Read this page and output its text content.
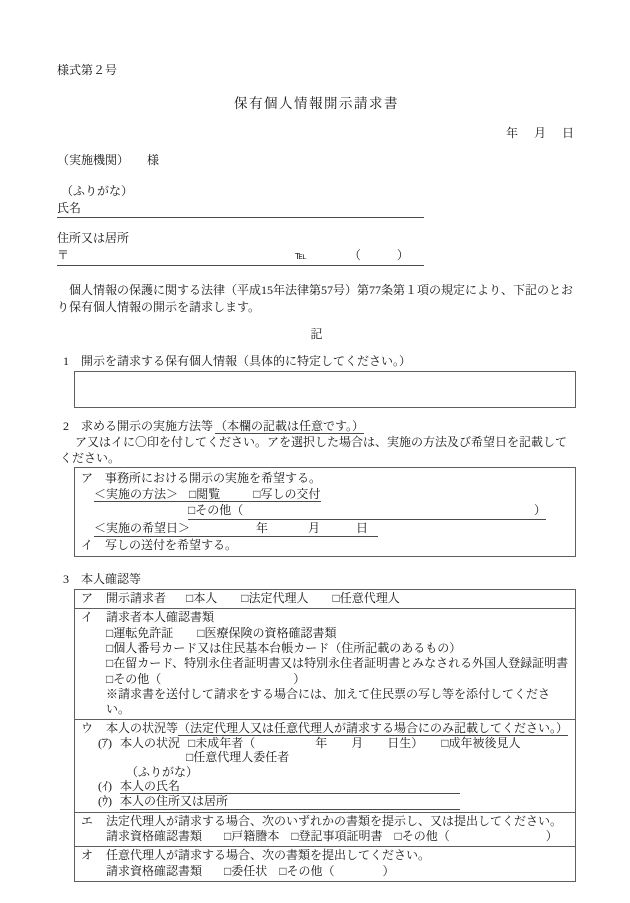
様式第２号
保有個人情報開示請求書
年　月　日
（実施機関）　　様
（ふりがな）
氏名
住所又は居所
〒	℡	（　　　）

個人情報の保護に関する法律（平成15年法律第57号）第77条第１項の規定により、下記のとおり保有個人情報の開示を請求します。

記
1　開示を請求する保有個人情報（具体的に特定してください。）
2　求める開示の実施方法等 （本欄の記載は任意です。）
ア又はイに〇印を付してください。アを選択した場合は、実施の方法及び希望日を記載して
ください。
ア　事務所における開示の実施を希望する。
＜実施の方法＞ □閲覧	□写しの交付
□その他（	）
＜実施の希望日＞	年	月	日
イ　写しの送付を希望する。
3　本人確認等
ア 開示請求者 □本人　　□法定代理人　　□任意代理人
イ 請求者本人確認書類
□運転免許証　　□医療保険の資格確認書類
□個人番号カード又は住民基本台帳カード（住所記載のあるもの）
□在留カード、特別永住者証明書又は特別永住者証明書とみなされる外国人登録証明書
□その他（　　　　　　　　　　　）
※請求書を送付して請求をする場合には、加えて住民票の写し等を添付してください。
ウ 本人の状況等（法定代理人又は任意代理人が請求する場合にのみ記載してください。）
(ｱ) 本人の状況 □未成年者（　　　　　年　　月　　日生）　　□成年被後見人
□任意代理人委任者
（ふりがな）
(ｲ) 本人の氏名
(ｳ) 本人の住所又は居所
エ 法定代理人が請求する場合、次のいずれかの書類を提示し、又は提出してください。
請求資格確認書類 □戸籍謄本　□登記事項証明書　□その他（　　　　　　　　）
オ 任意代理人が請求する場合、次の書類を提出してください。
請求資格確認書類 □委任状　□その他（　　　　）
